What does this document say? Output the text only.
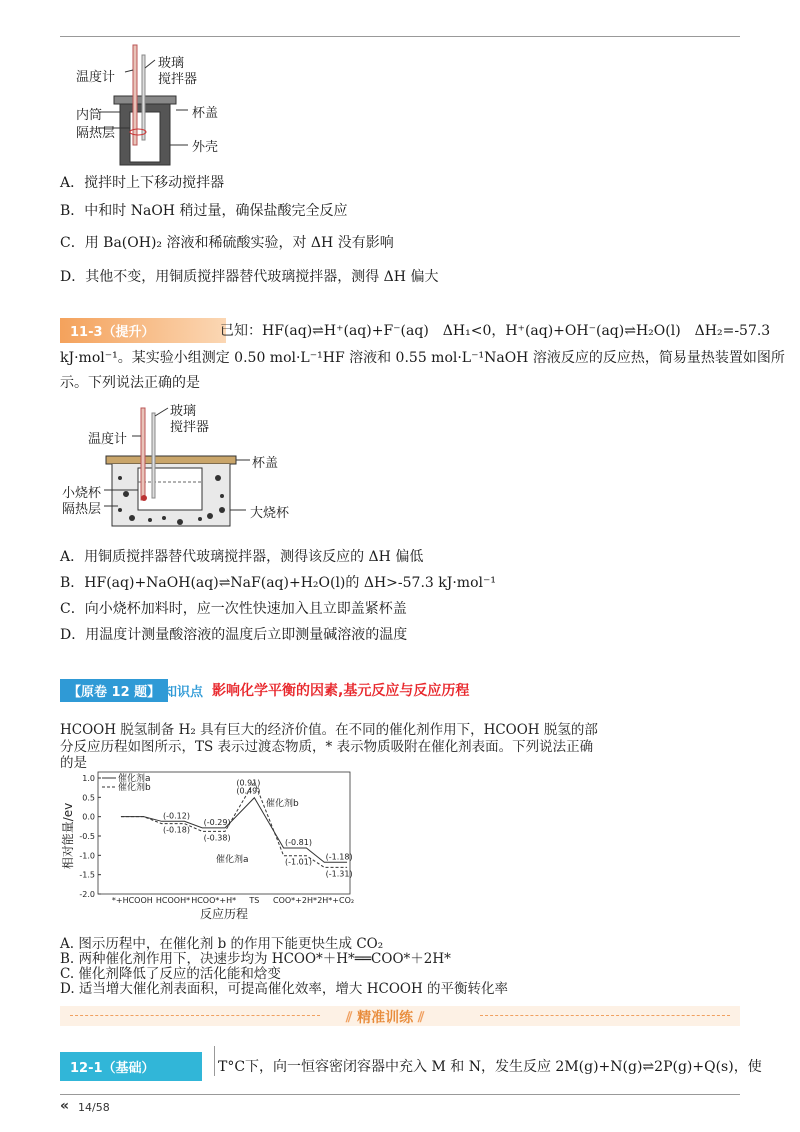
温度计
玻璃
搅拌器
内筒
隔热层
杯盖
外壳
A．搅拌时上下移动搅拌器
B．中和时 NaOH 稍过量，确保盐酸完全反应
C．用 Ba(OH)₂ 溶液和稀硫酸实验，对 ΔH 没有影响
D．其他不变，用铜质搅拌器替代玻璃搅拌器，测得 ΔH 偏大
11-3（提升）	已知：HF(aq)⇌H⁺(aq)+F⁻(aq)　ΔH₁<0，H⁺(aq)+OH⁻(aq)⇌H₂O(l)　ΔH₂=-57.3
kJ·mol⁻¹。某实验小组测定 0.50 mol·L⁻¹HF 溶液和 0.55 mol·L⁻¹NaOH 溶液反应的反应热，简易量热装置如图所
示。下列说法正确的是
玻璃
搅拌器
温度计
杯盖
小烧杯
隔热层	大烧杯
A．用铜质搅拌器替代玻璃搅拌器，测得该反应的 ΔH 偏低
B．HF(aq)+NaOH(aq)⇌NaF(aq)+H₂O(l)的 ΔH>-57.3 kJ·mol⁻¹
C．向小烧杯加料时，应一次性快速加入且立即盖紧杯盖
D．用温度计测量酸溶液的温度后立即测量碱溶液的温度
【原卷 12 题】 知识点 影响化学平衡的因素,基元反应与反应历程
HCOOH 脱氢制备 H₂ 具有巨大的经济价值。在不同的催化剂作用下，HCOOH 脱氢的部
分反应历程如图所示，TS 表示过渡态物质，* 表示物质吸附在催化剂表面。下列说法正确
的是
1.0
0.5
0.0
-0.5
-1.0
-1.5
-2.0
*+HCOOH HCOOH* HCOO*+H* TS COO*+2H* 2H*+CO₂
(-0.12)
(-0.18)
(-0.29)
(-0.38)
(0.91)
(0.49)
(-0.81)
(-1.01)
(-1.18)
(-1.31)
催化剂a
催化剂b
催化剂b
催化剂a
相对能量/ev
反应历程
A. 图示历程中，在催化剂 b 的作用下能更快生成 CO₂
B. 两种催化剂作用下，决速步均为 HCOO*＋H*══COO*＋2H*
C. 催化剂降低了反应的活化能和焓变
D. 适当增大催化剂表面积，可提高催化效率，增大 HCOOH 的平衡转化率
⫽ 精准训练 ⫽
12-1（基础）	T°C下，向一恒容密闭容器中充入 M 和 N，发生反应 2M(g)+N(g)⇌2P(g)+Q(s)，使
« 14/58
